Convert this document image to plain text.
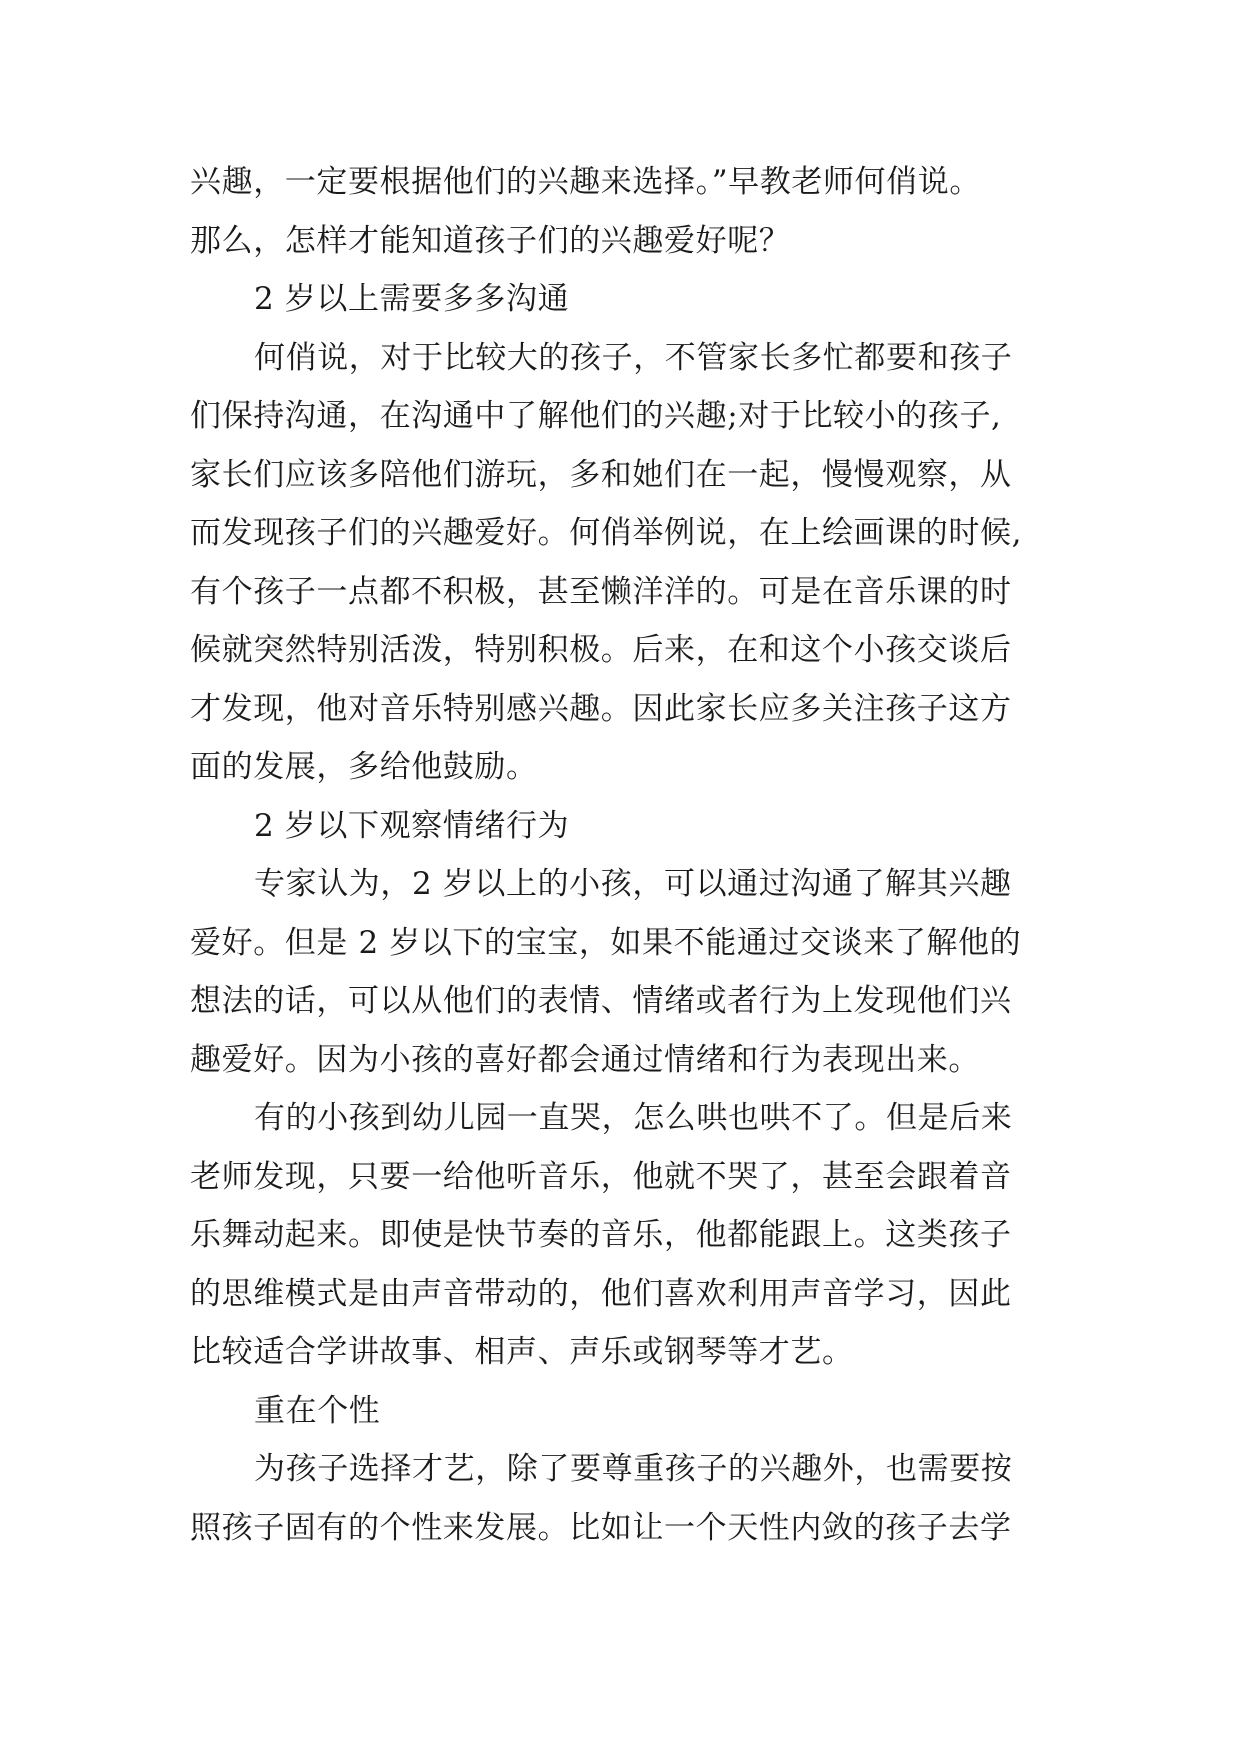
兴趣，一定要根据他们的兴趣来选择。”早教老师何俏说。
那么，怎样才能知道孩子们的兴趣爱好呢？
2 岁以上需要多多沟通
何俏说，对于比较大的孩子，不管家长多忙都要和孩子
们保持沟通，在沟通中了解他们的兴趣;对于比较小的孩子,
家长们应该多陪他们游玩，多和她们在一起，慢慢观察，从
而发现孩子们的兴趣爱好。何俏举例说，在上绘画课的时候,
有个孩子一点都不积极，甚至懒洋洋的。可是在音乐课的时
候就突然特别活泼，特别积极。后来，在和这个小孩交谈后
才发现，他对音乐特别感兴趣。因此家长应多关注孩子这方
面的发展，多给他鼓励。
2 岁以下观察情绪行为
专家认为，2 岁以上的小孩，可以通过沟通了解其兴趣
爱好。但是 2 岁以下的宝宝，如果不能通过交谈来了解他的
想法的话，可以从他们的表情、情绪或者行为上发现他们兴
趣爱好。因为小孩的喜好都会通过情绪和行为表现出来。
有的小孩到幼儿园一直哭，怎么哄也哄不了。但是后来
老师发现，只要一给他听音乐，他就不哭了，甚至会跟着音
乐舞动起来。即使是快节奏的音乐，他都能跟上。这类孩子
的思维模式是由声音带动的，他们喜欢利用声音学习，因此
比较适合学讲故事、相声、声乐或钢琴等才艺。
重在个性
为孩子选择才艺，除了要尊重孩子的兴趣外，也需要按
照孩子固有的个性来发展。比如让一个天性内敛的孩子去学
